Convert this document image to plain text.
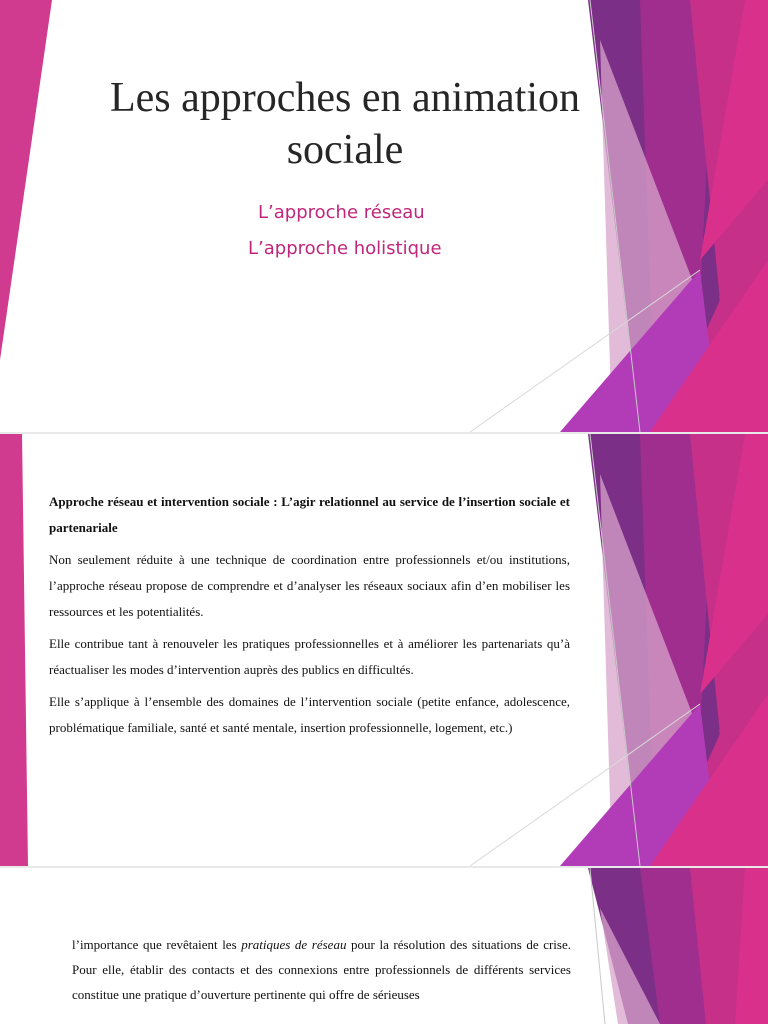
Les approches en animation sociale
L’approche réseau
L’approche holistique

Approche réseau et intervention sociale : L’agir relationnel au service de l’insertion sociale et partenariale

Non seulement réduite à une technique de coordination entre professionnels et/ou institutions, l’approche réseau propose de comprendre et d’analyser les réseaux sociaux afin d’en mobiliser les ressources et les potentialités.

Elle contribue tant à renouveler les pratiques professionnelles et à améliorer les partenariats qu’à réactualiser les modes d’intervention auprès des publics en difficultés.

Elle s’applique à l’ensemble des domaines de l’intervention sociale (petite enfance, adolescence, problématique familiale, santé et santé mentale, insertion professionnelle, logement, etc.)

l’importance que revêtaient les pratiques de réseau pour la résolution des situations de crise. Pour elle, établir des contacts et des connexions entre professionnels de différents services constitue une pratique d’ouverture pertinente qui offre de sérieuses
